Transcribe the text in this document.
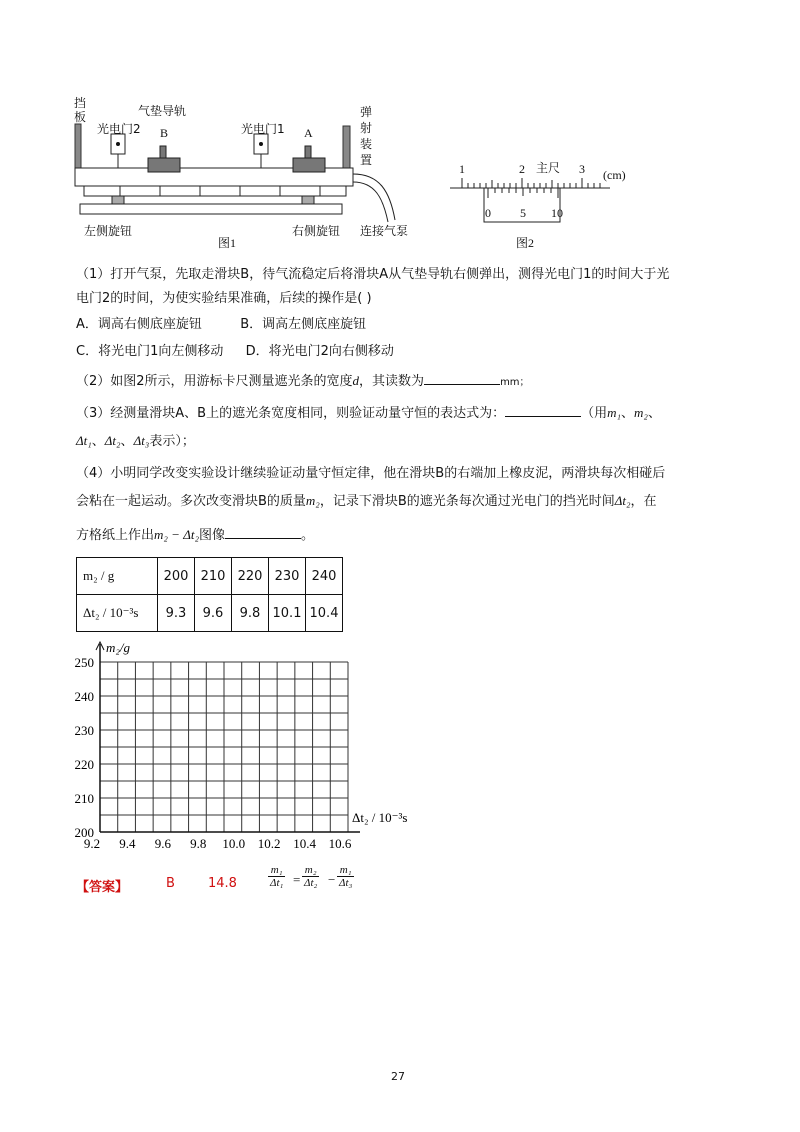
挡板	气垫导轨
光电门2 B	光电门1 A
弹
射
装
置
左侧旋钮
图1
右侧旋钮 连接气泵
主尺
1	2	3 (cm)
0 5 10
图2
（1）打开气泵，先取走滑块B，待气流稳定后将滑块A从气垫导轨右侧弹出，测得光电门1的时间大于光
电门2的时间，为使实验结果准确，后续的操作是( )
A．调高右侧底座旋钮	B．调高左侧底座旋钮
C．将光电门1向左侧移动 D．将光电门2向右侧移动
（2）如图2所示，用游标卡尺测量遮光条的宽度d，其读数为	mm；
（3）经测量滑块A、B上的遮光条宽度相同，则验证动量守恒的表达式为：	（用m₁、m₂、
Δt₁、Δt₂、Δt₃表示）；
（4）小明同学改变实验设计继续验证动量守恒定律，他在滑块B的右端加上橡皮泥，两滑块每次相碰后
会粘在一起运动。多次改变滑块B的质量m₂，记录下滑块B的遮光条每次通过光电门的挡光时间Δt₂，在
方格纸上作出m₂ − Δt₂图像	。
m₂ / g	200	210	220	230	240
Δt₂ / 10⁻³s	9.3	9.6	9.8	10.1	10.4
250
240
230
220
210
200
9.2 9.4 9.6 9.8 10.0 10.2 10.4 10.6
m₂/g
Δt₂ / 10⁻³s
【答案】	B	14.8	$\frac{\text{m₁}}{\text{Δt₁}} = \frac{\text{m₂}}{\text{Δt₂}} - \frac{\text{m₁}}{\text{Δt₃}}$
27
